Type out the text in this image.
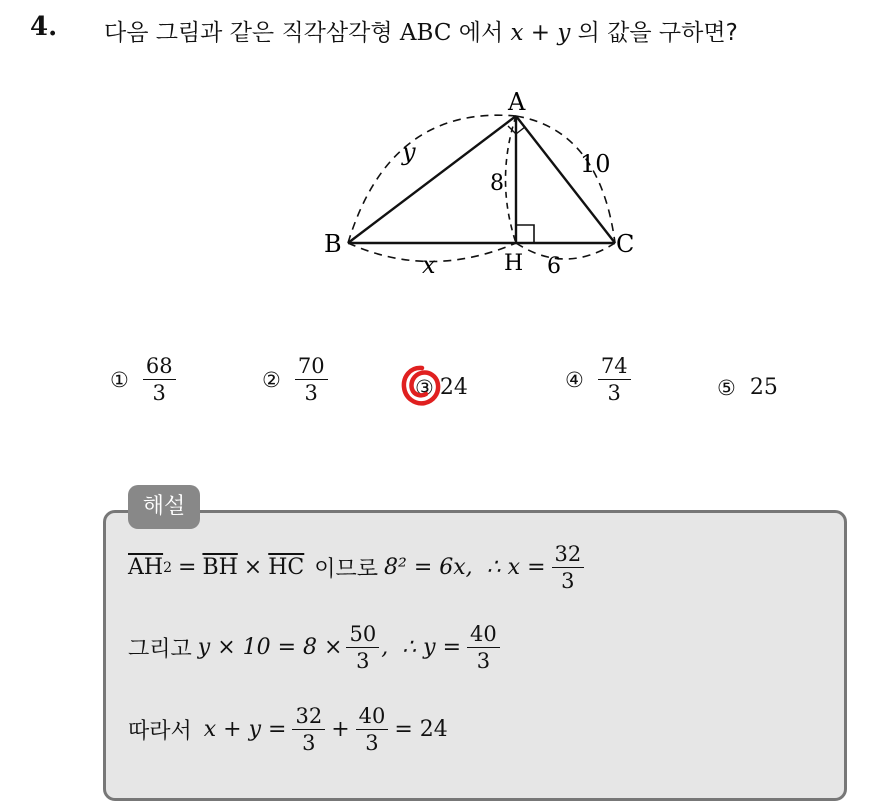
4. 다음 그림과 같은 직각삼각형 ABC 에서 x + y 의 값을 구하면?
A
B	C
H
y	10
8
x	6
① $\frac{68}{3}$	② $\frac{70}{3}$	③ 24	④ $\frac{74}{3}$	⑤ 25
$\overline{AH}$ $2 = \overline{BH} \times \overline{HC}$ 이므로 8² = 6x, ∴ $x = \frac{32}{3}$
그리고 $y \times 10 = 8 \times \frac{50}{3}$ ,  ∴ $y = \frac{40}{3}$
따라서 $x + y = \frac{32}{3} + \frac{40}{3} = 24$
해설
